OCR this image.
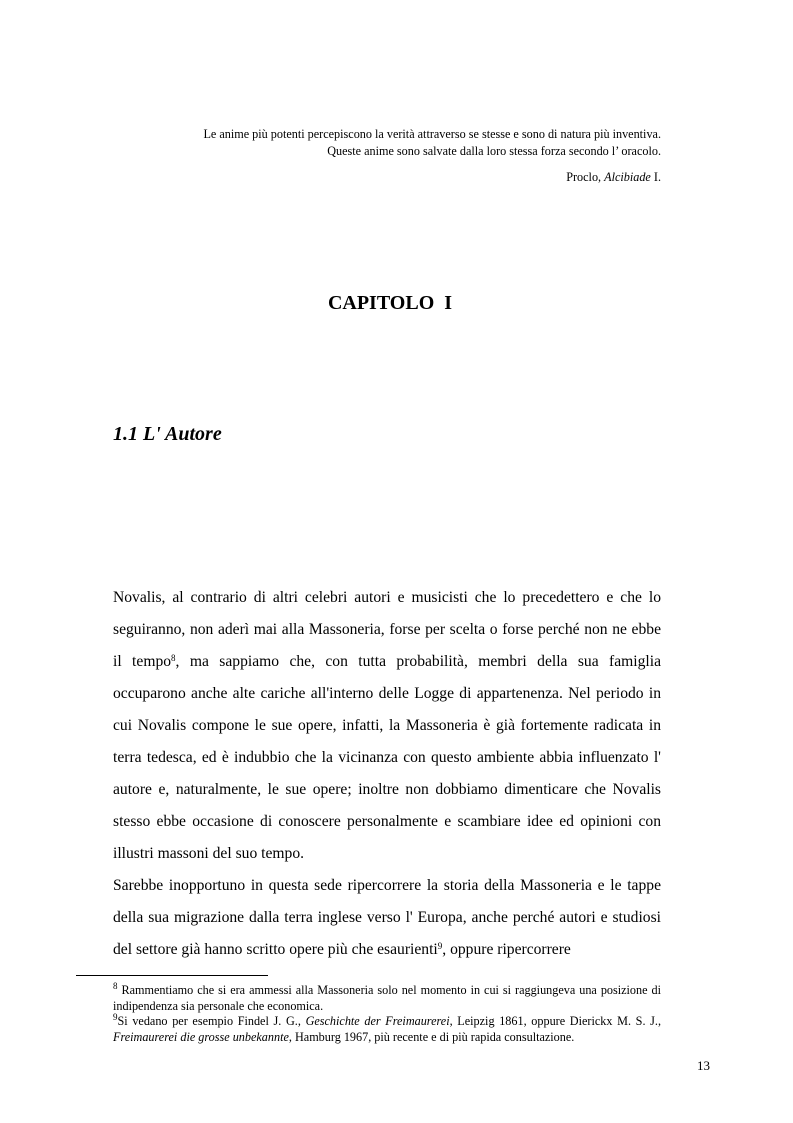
Le anime più potenti percepiscono la verità attraverso se stesse e sono di natura più inventiva.

Queste anime sono salvate dalla loro stessa forza secondo l’ oracolo.

Proclo, Alcibiade I.

CAPITOLO  I
1.1 L' Autore

Novalis, al contrario di altri celebri autori e musicisti che lo precedettero e che lo seguiranno, non aderì mai alla Massoneria, forse per scelta o forse perché non ne ebbe il tempo$^8$, ma sappiamo che, con tutta probabilità, membri della sua famiglia occuparono anche alte cariche all'interno delle Logge di appartenenza. Nel periodo in cui Novalis compone le sue opere, infatti, la Massoneria è già fortemente radicata in terra tedesca, ed è indubbio che la vicinanza con questo ambiente abbia influenzato l' autore e, naturalmente, le sue opere; inoltre non dobbiamo dimenticare che Novalis stesso ebbe occasione di conoscere personalmente e scambiare idee ed opinioni con illustri massoni del suo tempo.

Sarebbe inopportuno in questa sede ripercorrere la storia della Massoneria e le tappe della sua migrazione dalla terra inglese verso l' Europa, anche perché autori e studiosi del settore già hanno scritto opere più che esaurienti$^9$, oppure ripercorrere

$^8$ Rammentiamo che si era ammessi alla Massoneria solo nel momento in cui si raggiungeva una posizione di indipendenza sia personale che economica.

$^9$Si vedano per esempio Findel J. G., Geschichte der Freimaurerei, Leipzig 1861, oppure Dierickx M. S. J., Freimaurerei die grosse unbekannte, Hamburg 1967, più recente e di più rapida consultazione.

13
